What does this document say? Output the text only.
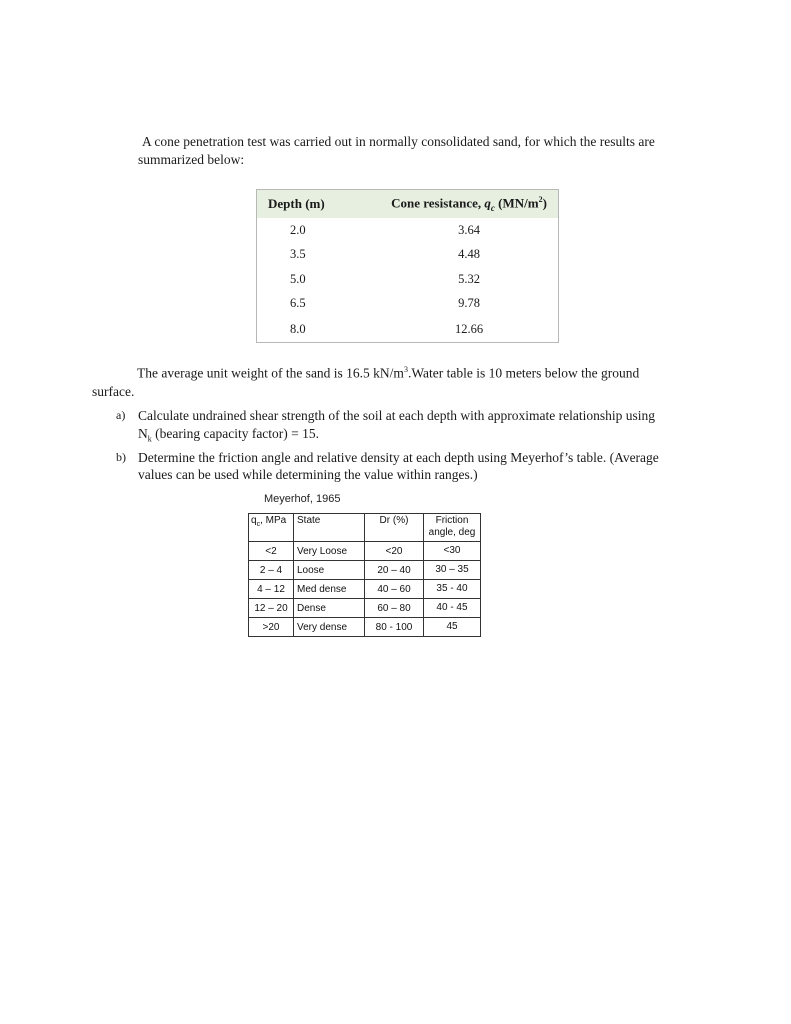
A cone penetration test was carried out in normally consolidated sand, for which the results are
summarized below:
Depth (m)	Cone resistance, $q_c$ $(MN/m^2)$
2.0	3.64
3.5	4.48
5.0	5.32
6.5	9.78
8.0	12.66
The average unit weight of the sand is 16.5 $kN/m^3.Water$ table is 10 meters below the ground
surface.
a) Calculate undrained shear strength of the soil at each depth with approximate relationship using
$N_k$ (bearing capacity factor) = 15.
b) Determine the friction angle and relative density at each depth using Meyerhof’s table. (Average
values can be used while determining the value within ranges.)
Meyerhof, 1965
$q_c$, MPa	State	Dr (%)	Friction
angle, deg

<2	Very Loose	<20	<30
2 – 4	Loose	20 – 40	30 – 35
4 – 12	Med dense	40 – 60	35 - 40
12 – 20	Dense	60 – 80	40 - 45
>20	Very dense	80 - 100	45
